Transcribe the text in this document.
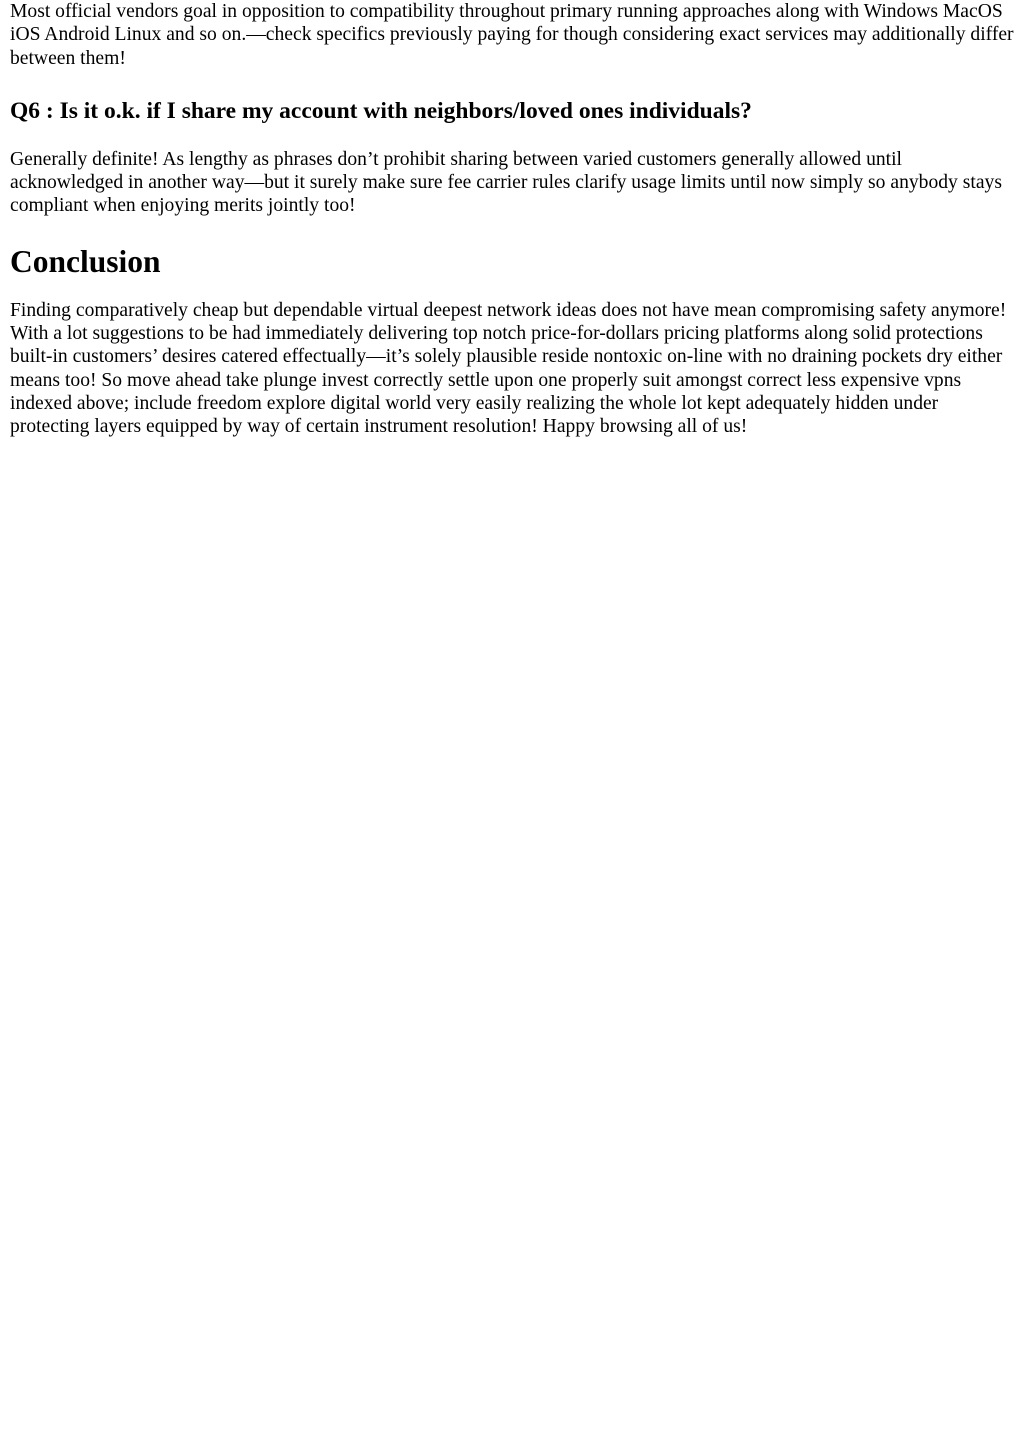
Most official vendors goal in opposition to compatibility throughout primary running approaches along with Windows MacOS iOS Android Linux and so on.—check specifics previously paying for though considering exact services may additionally differ between them!

Q6 : Is it o.k. if I share my account with neighbors/loved ones individuals?

Generally definite! As lengthy as phrases don’t prohibit sharing between varied customers generally allowed until acknowledged in another way—but it surely make sure fee carrier rules clarify usage limits until now simply so anybody stays compliant when enjoying merits jointly too!

Conclusion

Finding comparatively cheap but dependable virtual deepest network ideas does not have mean compromising safety anymore! With a lot suggestions to be had immediately delivering top notch price-for-dollars pricing platforms along solid protections built-in customers’ desires catered effectually—it’s solely plausible reside nontoxic on-line with no draining pockets dry either means too! So move ahead take plunge invest correctly settle upon one properly suit amongst correct less expensive vpns indexed above; include freedom explore digital world very easily realizing the whole lot kept adequately hidden under protecting layers equipped by way of certain instrument resolution! Happy browsing all of us!
